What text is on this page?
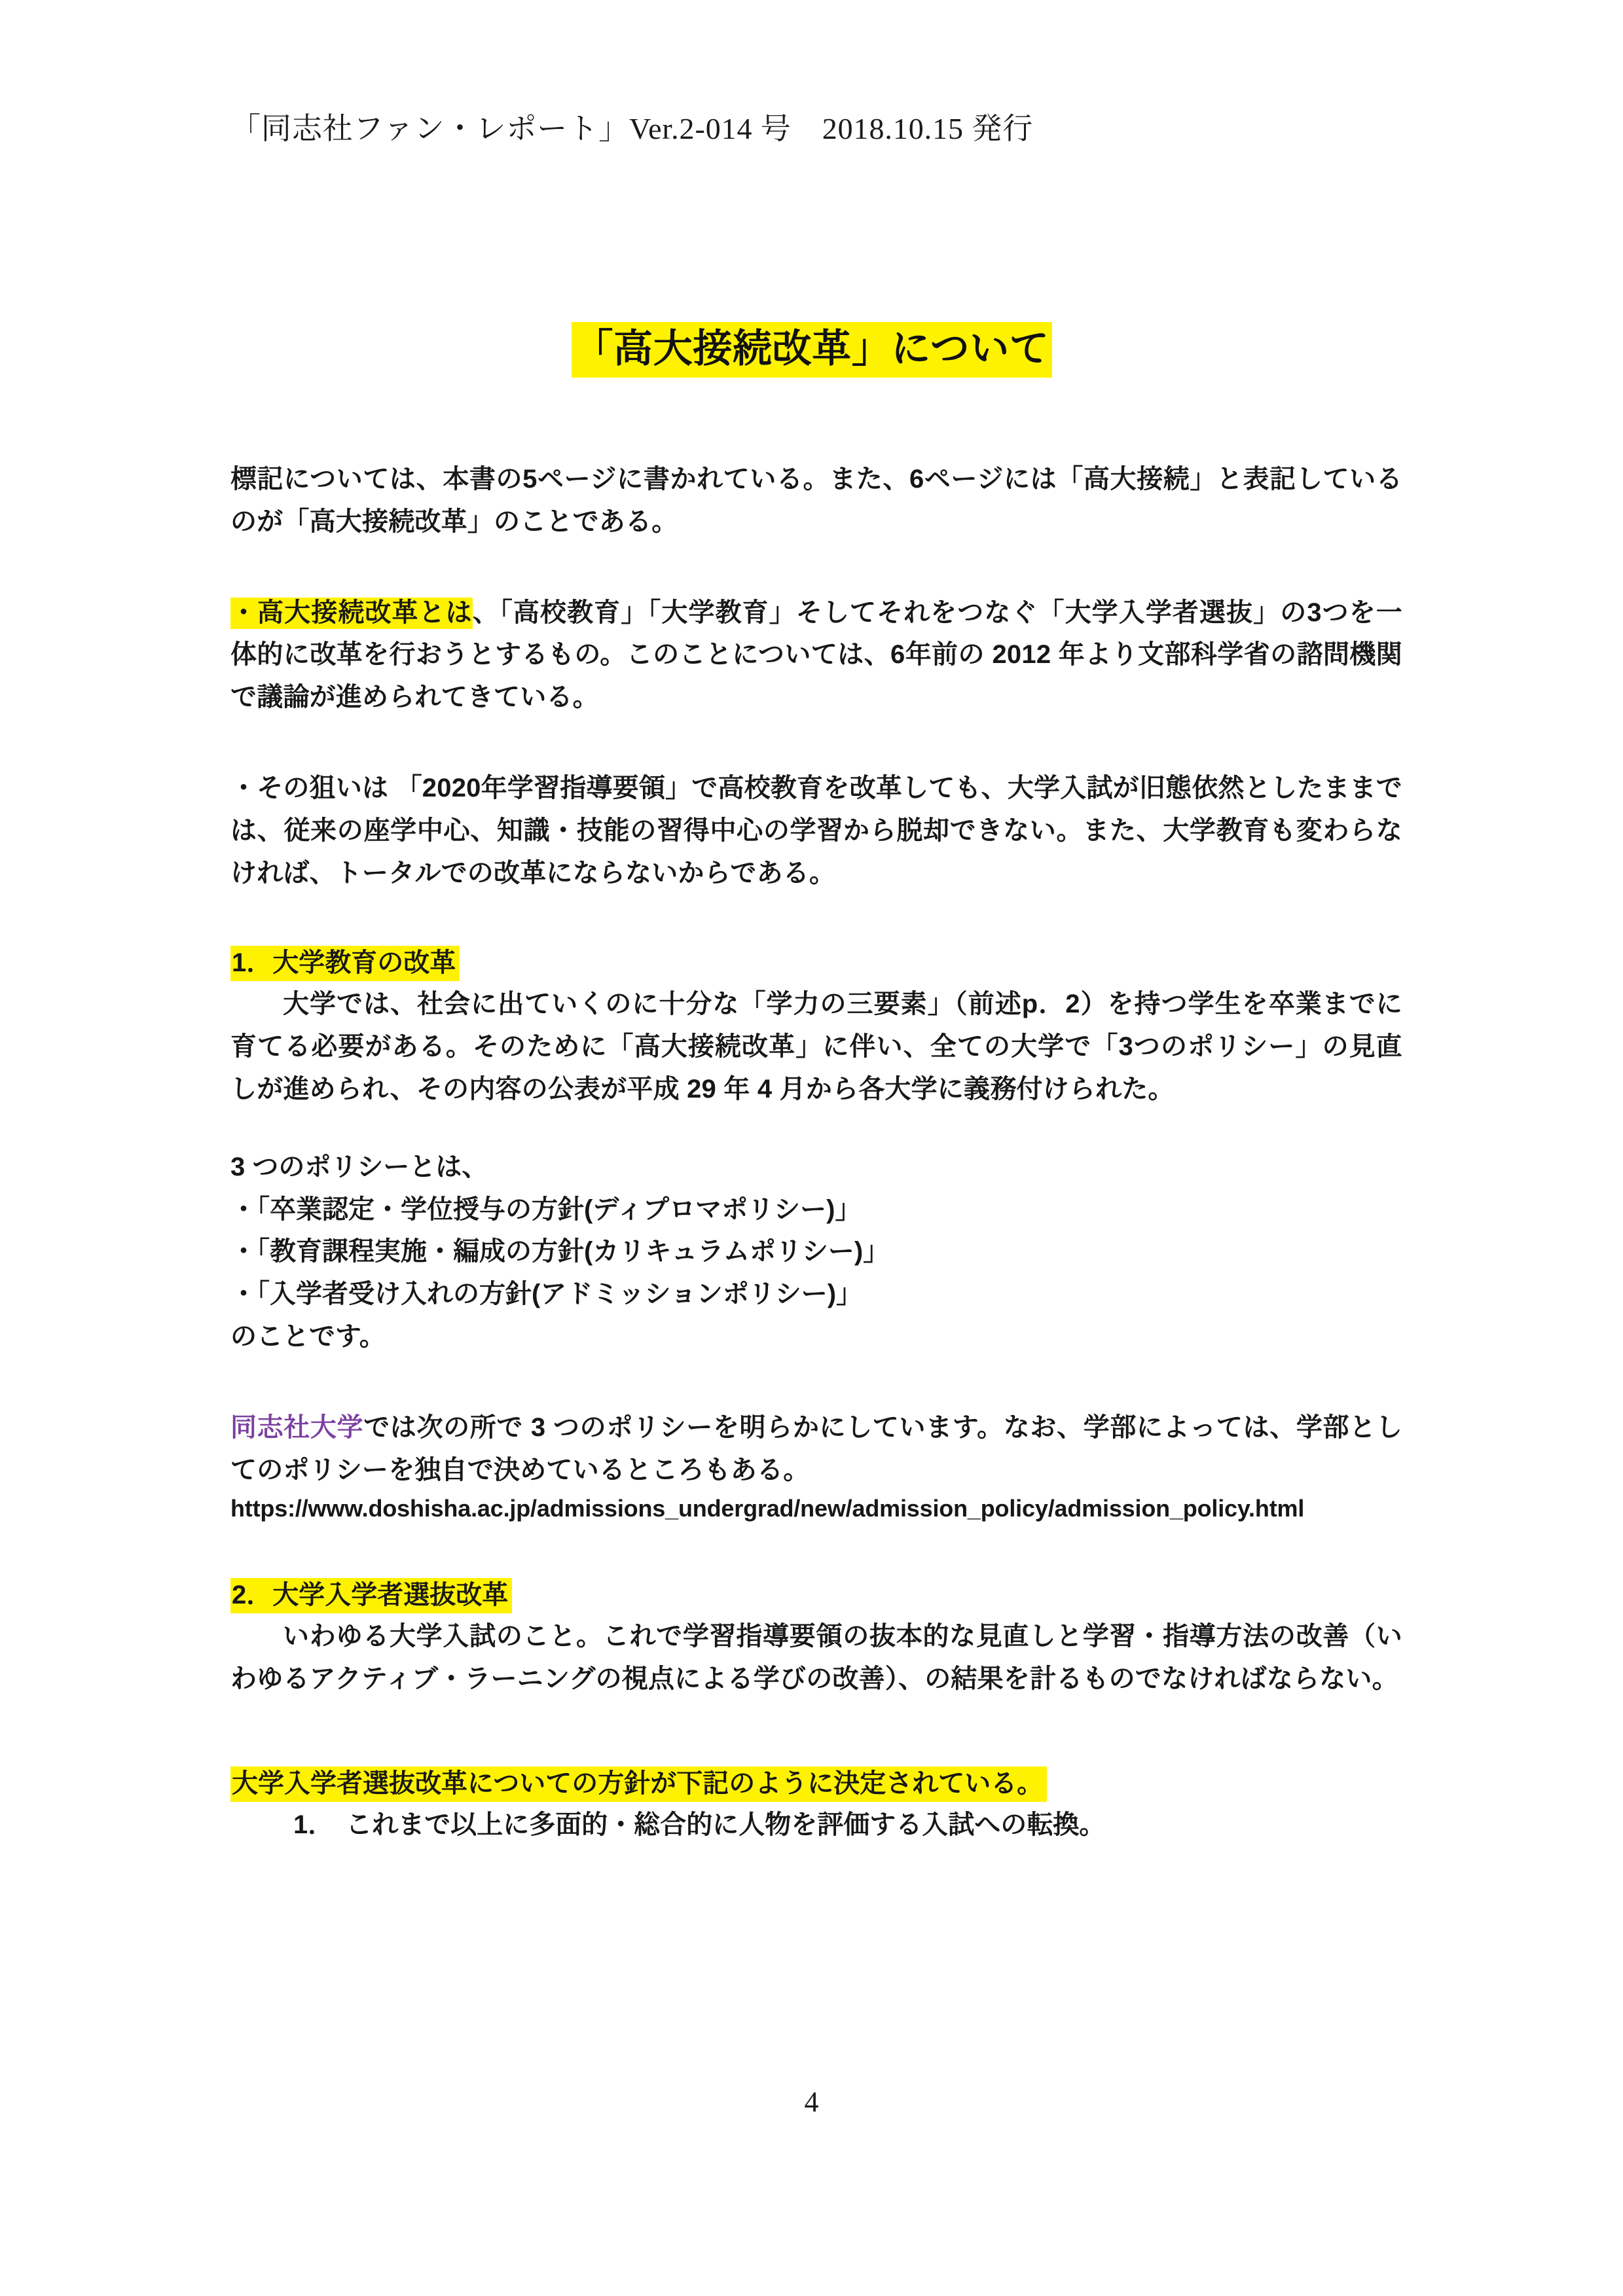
「同志社ファン・レポート」Ver.2-014 号　2018.10.15 発行
「高大接続改革」について

標記については、本書の5ページに書かれている。また、6ページには「高大接続」と表記しているのが「高大接続改革」のことである。

・高大接続改革とは、「高校教育」「大学教育」そしてそれをつなぐ「大学入学者選抜」の3つを一体的に改革を行おうとするもの。このことについては、6年前の 2012 年より文部科学省の諮問機関で議論が進められてきている。

・その狙いは 「2020年学習指導要領」で高校教育を改革しても、大学入試が旧態依然としたままでは、従来の座学中心、知識・技能の習得中心の学習から脱却できない。また、大学教育も変わらなければ、トータルでの改革にならないからである。

1．大学教育の改革

大学では、社会に出ていくのに十分な「学力の三要素」（前述p．2）を持つ学生を卒業までに育てる必要がある。そのために「高大接続改革」に伴い、全ての大学で「3つのポリシー」の見直しが進められ、その内容の公表が平成 29 年 4 月から各大学に義務付けられた。

3 つのポリシーとは、

・「卒業認定・学位授与の方針(ディプロマポリシー)」

・「教育課程実施・編成の方針(カリキュラムポリシー)」

・「入学者受け入れの方針(アドミッションポリシー)」

のことです。

同志社大学では次の所で 3 つのポリシーを明らかにしています。なお、学部によっては、学部としてのポリシーを独自で決めているところもある。

https://www.doshisha.ac.jp/admissions_undergrad/new/admission_policy/admission_policy.html

2．大学入学者選抜改革

いわゆる大学入試のこと。これで学習指導要領の抜本的な見直しと学習・指導方法の改善（いわゆるアクティブ・ラーニングの視点による学びの改善）、の結果を計るものでなければならない。

大学入学者選抜改革についての方針が下記のように決定されている。

1． これまで以上に多面的・総合的に人物を評価する入試への転換。

4
